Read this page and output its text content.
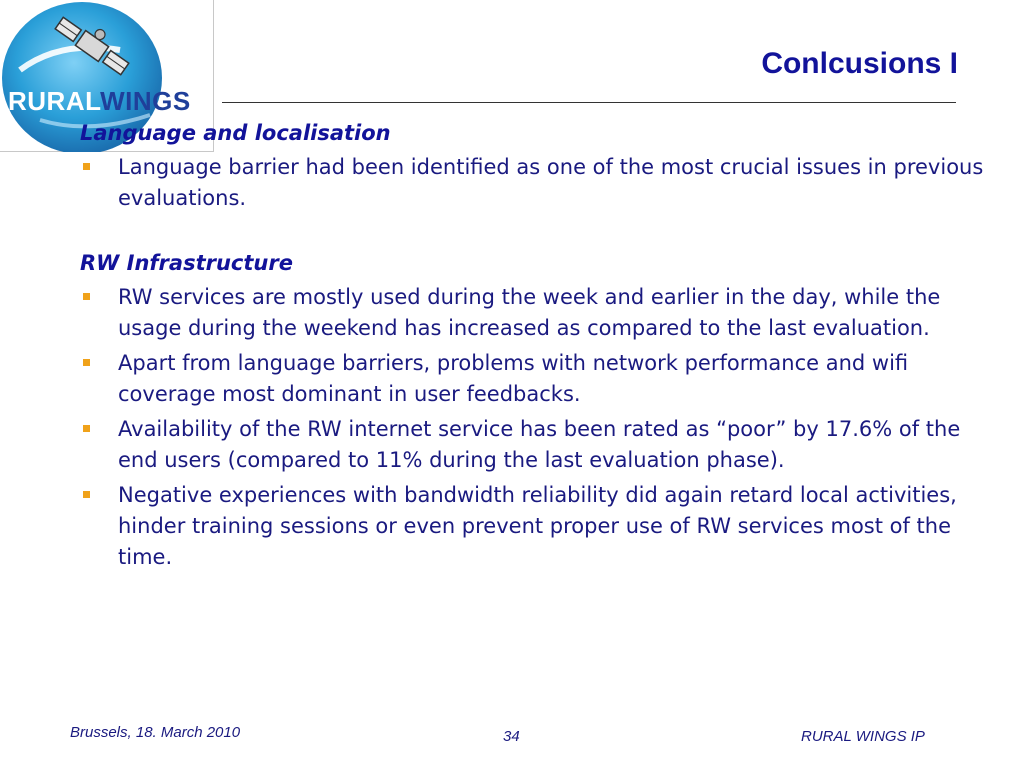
RURALWINGS
Conlcusions I
Language and localisation
Language barrier had been identified as one of the most crucial issues in previous evaluations.
RW Infrastructure
RW services are mostly used during the week and earlier in the day, while the usage during the weekend has increased as compared to the last evaluation.
Apart from language barriers, problems with network performance and wifi coverage most dominant in user feedbacks.
Availability of the RW internet service has been rated as “poor” by 17.6% of the end users (compared to 11% during the last evaluation phase).
Negative experiences with bandwidth reliability did again retard local activities, hinder training sessions or even prevent proper use of RW services most of the time.
Brussels, 18. March 2010	34	RURAL WINGS IP
